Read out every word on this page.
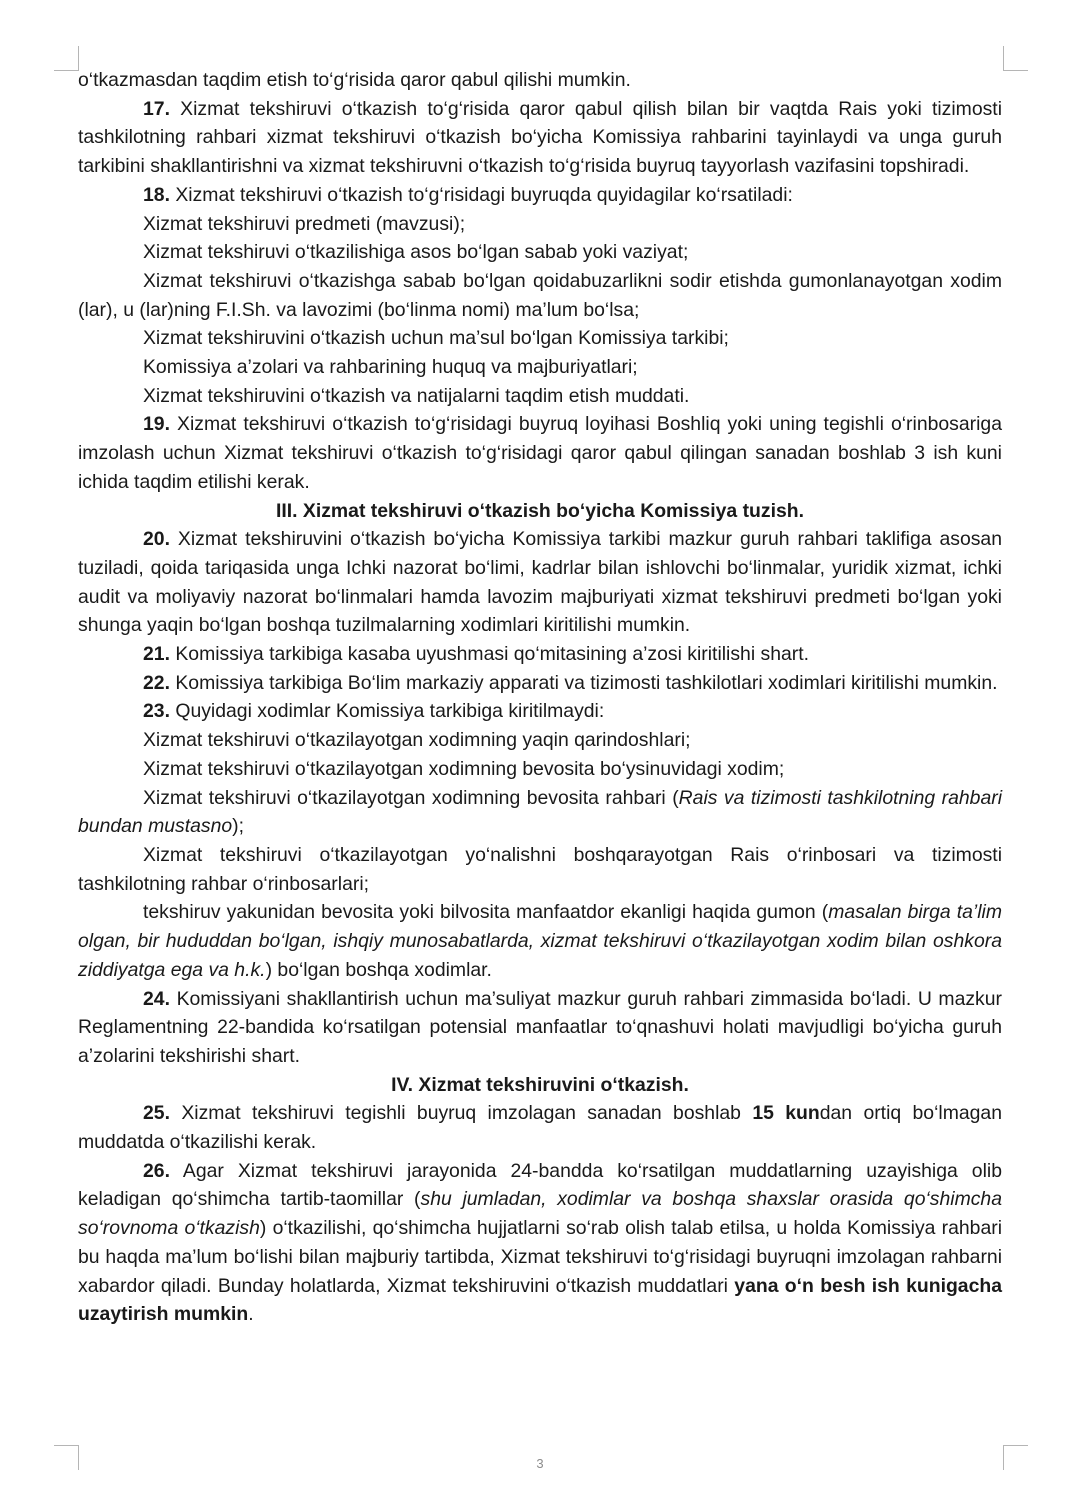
o‘tkazmasdan taqdim etish to‘g‘risida qaror qabul qilishi mumkin.

17. Xizmat tekshiruvi o‘tkazish to‘g‘risida qaror qabul qilish bilan bir vaqtda Rais yoki tizimosti tashkilotning rahbari xizmat tekshiruvi o‘tkazish bo‘yicha Komissiya rahbarini tayinlaydi va unga guruh tarkibini shakllantirishni va xizmat tekshiruvni o‘tkazish to‘g‘risida buyruq tayyorlash vazifasini topshiradi.

18. Xizmat tekshiruvi o‘tkazish to‘g‘risidagi buyruqda quyidagilar ko‘rsatiladi:

Xizmat tekshiruvi predmeti (mavzusi);

Xizmat tekshiruvi o‘tkazilishiga asos bo‘lgan sabab yoki vaziyat;

Xizmat tekshiruvi o‘tkazishga sabab bo‘lgan qoidabuzarlikni sodir etishda gumonlanayotgan xodim (lar), u (lar)ning F.I.Sh. va lavozimi (bo‘linma nomi) ma’lum bo‘lsa;

Xizmat tekshiruvini o‘tkazish uchun ma’sul bo‘lgan Komissiya tarkibi;

Komissiya a’zolari va rahbarining huquq va majburiyatlari;

Xizmat tekshiruvini o‘tkazish va natijalarni taqdim etish muddati.

19. Xizmat tekshiruvi o‘tkazish to‘g‘risidagi buyruq loyihasi Boshliq yoki uning tegishli o‘rinbosariga imzolash uchun Xizmat tekshiruvi o‘tkazish to‘g‘risidagi qaror qabul qilingan sanadan boshlab 3 ish kuni ichida taqdim etilishi kerak.

III. Xizmat tekshiruvi o‘tkazish bo‘yicha Komissiya tuzish.

20. Xizmat tekshiruvini o‘tkazish bo‘yicha Komissiya tarkibi mazkur guruh rahbari taklifiga asosan tuziladi, qoida tariqasida unga Ichki nazorat bo‘limi, kadrlar bilan ishlovchi bo‘linmalar, yuridik xizmat, ichki audit va moliyaviy nazorat bo‘linmalari hamda lavozim majburiyati xizmat tekshiruvi predmeti bo‘lgan yoki shunga yaqin bo‘lgan boshqa tuzilmalarning xodimlari kiritilishi mumkin.

21. Komissiya tarkibiga kasaba uyushmasi qo‘mitasining a’zosi kiritilishi shart.

22. Komissiya tarkibiga Bo‘lim markaziy apparati va tizimosti tashkilotlari xodimlari kiritilishi mumkin.

23. Quyidagi xodimlar Komissiya tarkibiga kiritilmaydi:

Xizmat tekshiruvi o‘tkazilayotgan xodimning yaqin qarindoshlari;

Xizmat tekshiruvi o‘tkazilayotgan xodimning bevosita bo‘ysinuvidagi xodim;

Xizmat tekshiruvi o‘tkazilayotgan xodimning bevosita rahbari (Rais va tizimosti tashkilotning rahbari bundan mustasno);

Xizmat tekshiruvi o‘tkazilayotgan yo‘nalishni boshqarayotgan Rais o‘rinbosari va tizimosti tashkilotning rahbar o‘rinbosarlari;

tekshiruv yakunidan bevosita yoki bilvosita manfaatdor ekanligi haqida gumon (masalan birga ta’lim olgan, bir hududdan bo‘lgan, ishqiy munosabatlarda, xizmat tekshiruvi o‘tkazilayotgan xodim bilan oshkora ziddiyatga ega va h.k.) bo‘lgan boshqa xodimlar.

24. Komissiyani shakllantirish uchun ma’suliyat mazkur guruh rahbari zimmasida bo‘ladi. U mazkur Reglamentning 22-bandida ko‘rsatilgan potensial manfaatlar to‘qnashuvi holati mavjudligi bo‘yicha guruh a’zolarini tekshirishi shart.

IV. Xizmat tekshiruvini o‘tkazish.

25. Xizmat tekshiruvi tegishli buyruq imzolagan sanadan boshlab 15 kundan ortiq bo‘lmagan muddatda o‘tkazilishi kerak.

26. Agar Xizmat tekshiruvi jarayonida 24-bandda ko‘rsatilgan muddatlarning uzayishiga olib keladigan qo‘shimcha tartib-taomillar (shu jumladan, xodimlar va boshqa shaxslar orasida qo‘shimcha so‘rovnoma o‘tkazish) o‘tkazilishi, qo‘shimcha hujjatlarni so‘rab olish talab etilsa, u holda Komissiya rahbari bu haqda ma’lum bo‘lishi bilan majburiy tartibda, Xizmat tekshiruvi to‘g‘risidagi buyruqni imzolagan rahbarni xabardor qiladi. Bunday holatlarda, Xizmat tekshiruvini o‘tkazish muddatlari yana o‘n besh ish kunigacha uzaytirish mumkin.

3
